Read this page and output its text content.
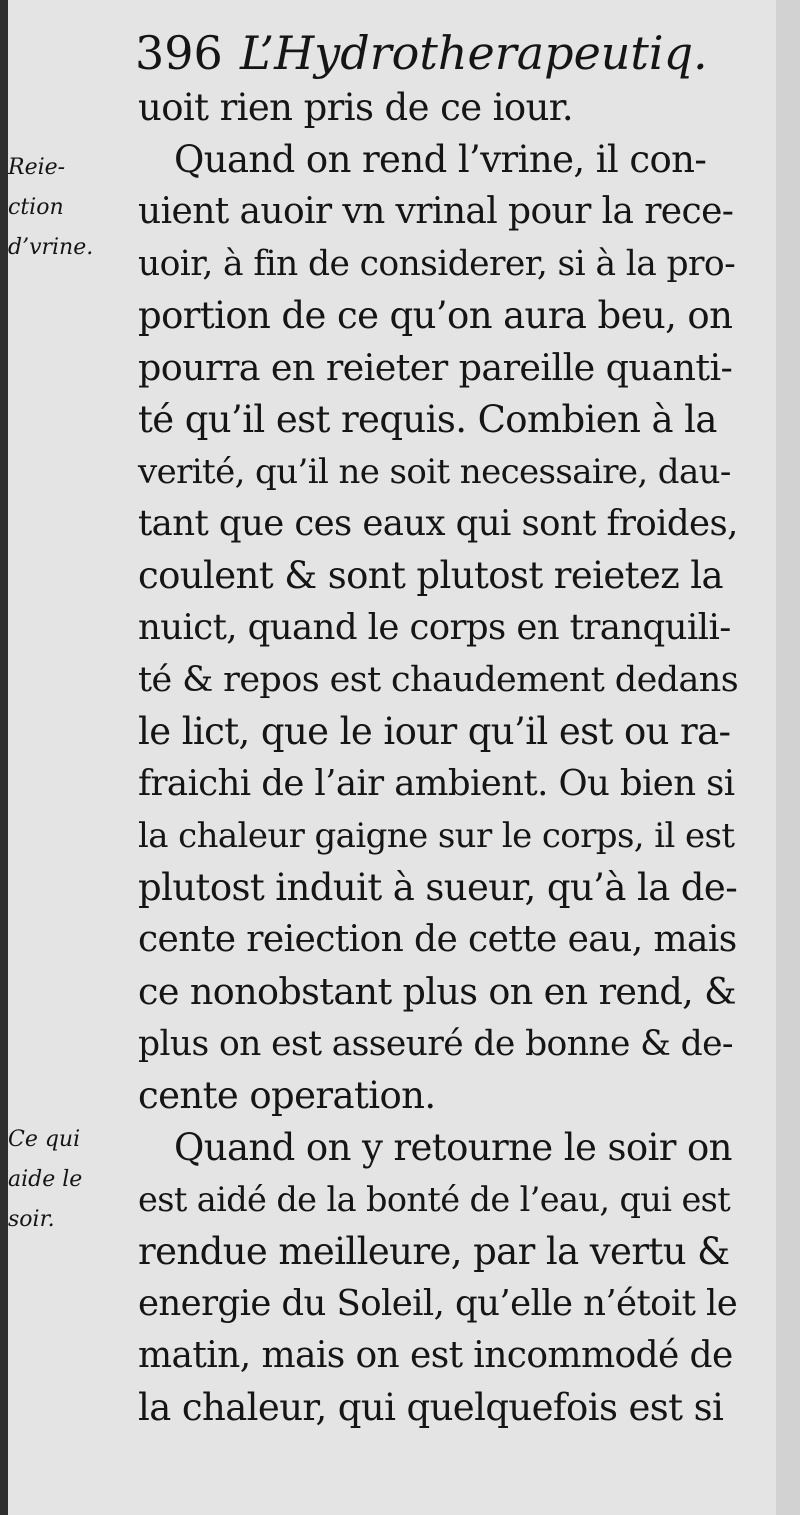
396 L’Hydrotherapeutiq.
Reie-
ction
d’vrine.
Ce qui
aide le
soir.
uoit rien pris de ce iour.
Quand on rend l’vrine, il con-
uient auoir vn vrinal pour la rece-
uoir, à fin de considerer, si à la pro-
portion de ce qu’on aura beu, on
pourra en reieter pareille quanti-
té qu’il est requis. Combien à la
verité, qu’il ne soit necessaire, dau-
tant que ces eaux qui sont froides,
coulent & sont plutost reietez la
nuict, quand le corps en tranquili-
té & repos est chaudement dedans
le lict, que le iour qu’il est ou ra-
fraichi de l’air ambient. Ou bien si
la chaleur gaigne sur le corps, il est
plutost induit à sueur, qu’à la de-
cente reiection de cette eau, mais
ce nonobstant plus on en rend, &
plus on est asseuré de bonne & de-
cente operation.
Quand on y retourne le soir on
est aidé de la bonté de l’eau, qui est
rendue meilleure, par la vertu &
energie du Soleil, qu’elle n’étoit le
matin, mais on est incommodé de
la chaleur, qui quelquefois est si
